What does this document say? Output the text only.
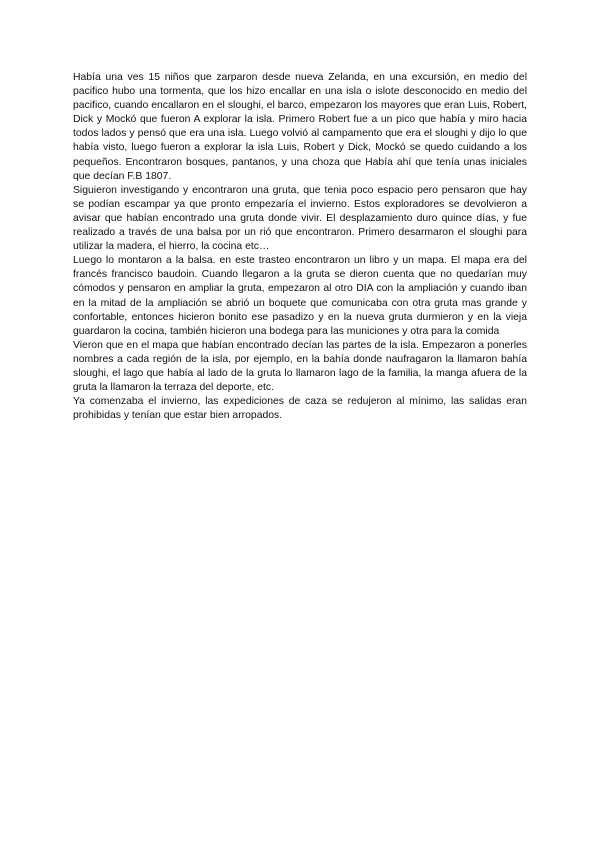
Había una ves 15 niños que zarparon desde nueva Zelanda, en una excursión, en medio del pacifico hubo una tormenta, que los hizo encallar en una isla o islote desconocido en medio del pacifico, cuando encallaron en el sloughi, el barco, empezaron los mayores que eran Luis, Robert, Dick y Mockó que fueron A explorar la isla. Primero Robert fue a un pico que había y miro hacia todos lados y pensó que era una isla. Luego volvió al campamento que era el sloughi y dijo lo que había visto, luego fueron a explorar la isla Luis, Robert y Dick, Mockó se quedo cuidando a los pequeños. Encontraron bosques, pantanos, y una choza que Había ahí que tenía unas iniciales que decían F.B 1807.

Siguieron investigando y encontraron una gruta, que tenia poco espacio pero pensaron que hay se podían escampar ya que pronto empezaría el invierno. Estos exploradores se devolvieron a avisar que habían encontrado una gruta donde vivir. El desplazamiento duro quince días, y fue realizado a través de una balsa por un rió que encontraron. Primero desarmaron el sloughi para utilizar la madera, el hierro, la cocina etc…

Luego lo montaron a la balsa. en este trasteo encontraron un libro y un mapa. El mapa era del francés francisco baudoin. Cuando llegaron a la gruta se dieron cuenta que no quedarían muy cómodos y pensaron en ampliar la gruta, empezaron al otro DIA con la ampliación y cuando iban en la mitad de la ampliación se abrió un boquete que comunicaba con otra gruta mas grande y confortable, entonces hicieron bonito ese pasadizo y en la nueva gruta durmieron y en la vieja guardaron la cocina, también hicieron una bodega para las municiones y otra para la comida

Vieron que en el mapa que habían encontrado decían las partes de la isla. Empezaron a ponerles nombres a cada región de la isla, por ejemplo, en la bahía donde naufragaron la llamaron bahía sloughi, el lago que había al lado de la gruta lo llamaron lago de la familia, la manga afuera de la gruta la llamaron la terraza del deporte, etc.

Ya comenzaba el invierno, las expediciones de caza se redujeron al mínimo, las salidas eran prohibidas y tenían que estar bien arropados.
